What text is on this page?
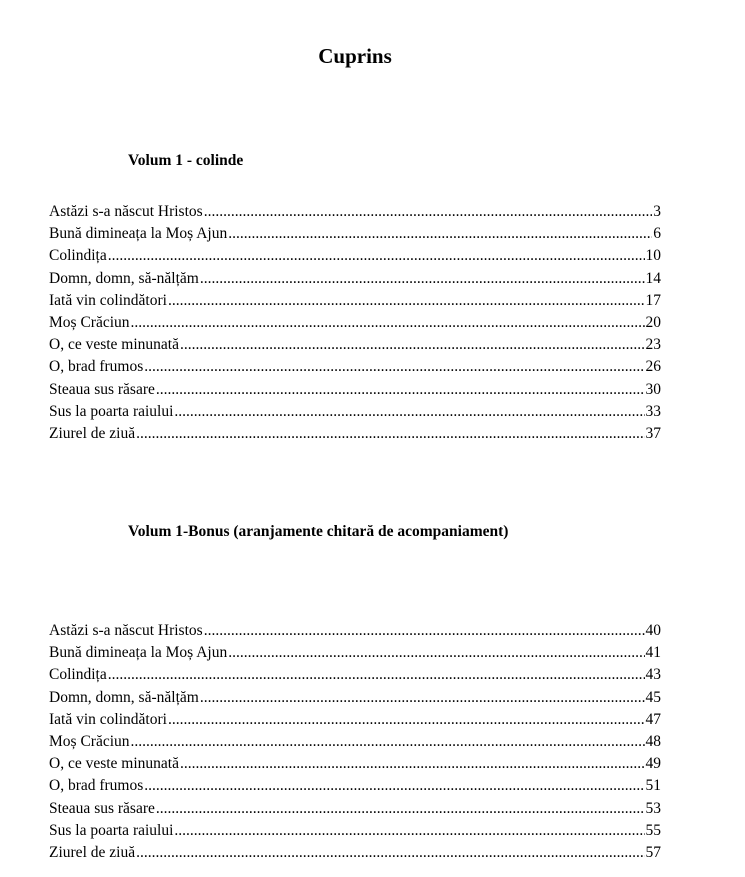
Cuprins
Volum 1 - colinde
Astăzi s-a născut Hristos .....	3
Bună dimineața la Moș Ajun .....	6
Colindița .....	10
Domn, domn, să-nălțăm .....	14
Iată vin colindători .....	17
Moș Crăciun .....	20
O, ce veste minunată .....	23
O, brad frumos .....	26
Steaua sus răsare .....	30
Sus la poarta raiului .....	33
Ziurel de ziuă .....	37
Volum 1-Bonus (aranjamente chitară de acompaniament)
Astăzi s-a născut Hristos .....	40
Bună dimineața la Moș Ajun .....	41
Colindița .....	43
Domn, domn, să-nălțăm .....	45
Iată vin colindători .....	47
Moș Crăciun .....	48
O, ce veste minunată .....	49
O, brad frumos .....	51
Steaua sus răsare .....	53
Sus la poarta raiului .....	55
Ziurel de ziuă .....	57
